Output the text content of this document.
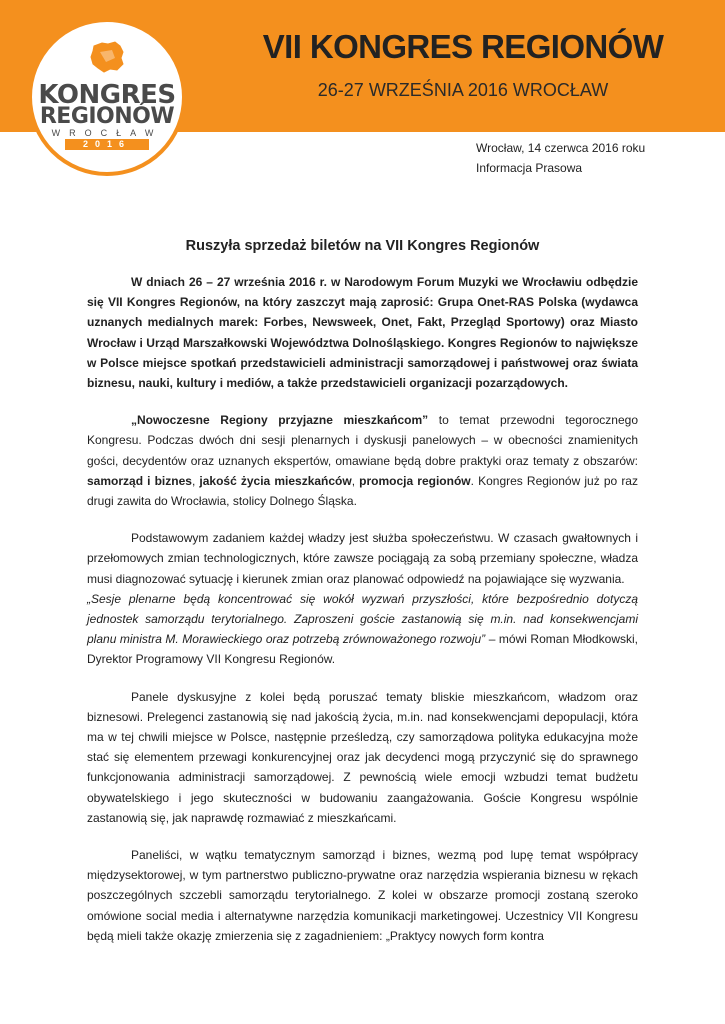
KONGRES
REGIONÓW
WROCŁAW
2016
VII KONGRES REGIONÓW
26-27 WRZEŚNIA 2016 WROCŁAW
Wrocław, 14 czerwca 2016 roku
Informacja Prasowa
Ruszyła sprzedaż biletów na VII Kongres Regionów

W dniach 26 – 27 września 2016 r. w Narodowym Forum Muzyki we Wrocławiu odbędzie się VII Kongres Regionów, na który zaszczyt mają zaprosić: Grupa Onet-RAS Polska (wydawca uznanych medialnych marek: Forbes, Newsweek, Onet, Fakt, Przegląd Sportowy) oraz Miasto Wrocław i Urząd Marszałkowski Województwa Dolnośląskiego. Kongres Regionów to największe w Polsce miejsce spotkań przedstawicieli administracji samorządowej i państwowej oraz świata biznesu, nauki, kultury i mediów, a także przedstawicieli organizacji pozarządowych.

„Nowoczesne Regiony przyjazne mieszkańcom” to temat przewodni tegorocznego Kongresu. Podczas dwóch dni sesji plenarnych i dyskusji panelowych – w obecności znamienitych gości, decydentów oraz uznanych ekspertów, omawiane będą dobre praktyki oraz tematy z obszarów: samorząd i biznes, jakość życia mieszkańców, promocja regionów. Kongres Regionów już po raz drugi zawita do Wrocławia, stolicy Dolnego Śląska.

Podstawowym zadaniem każdej władzy jest służba społeczeństwu. W czasach gwałtownych i przełomowych zmian technologicznych, które zawsze pociągają za sobą przemiany społeczne, władza musi diagnozować sytuację i kierunek zmian oraz planować odpowiedź na pojawiające się wyzwania.

„Sesje plenarne będą koncentrować się wokół wyzwań przyszłości, które bezpośrednio dotyczą jednostek samorządu terytorialnego. Zaproszeni goście zastanowią się m.in. nad konsekwencjami planu ministra M. Morawieckiego oraz potrzebą zrównoważonego rozwoju” – mówi Roman Młodkowski, Dyrektor Programowy VII Kongresu Regionów.

Panele dyskusyjne z kolei będą poruszać tematy bliskie mieszkańcom, władzom oraz biznesowi. Prelegenci zastanowią się nad jakością życia, m.in. nad konsekwencjami depopulacji, która ma w tej chwili miejsce w Polsce, następnie prześledzą, czy samorządowa polityka edukacyjna może stać się elementem przewagi konkurencyjnej oraz jak decydenci mogą przyczynić się do sprawnego funkcjonowania administracji samorządowej. Z pewnością wiele emocji wzbudzi temat budżetu obywatelskiego i jego skuteczności w budowaniu zaangażowania. Goście Kongresu wspólnie zastanowią się, jak naprawdę rozmawiać z mieszkańcami.

Paneliści, w wątku tematycznym samorząd i biznes, wezmą pod lupę temat współpracy międzysektorowej, w tym partnerstwo publiczno-prywatne oraz narzędzia wspierania biznesu w rękach poszczególnych szczebli samorządu terytorialnego. Z kolei w obszarze promocji zostaną szeroko omówione social media i alternatywne narzędzia komunikacji marketingowej. Uczestnicy VII Kongresu będą mieli także okazję zmierzenia się z zagadnieniem: „Praktycy nowych form kontra
